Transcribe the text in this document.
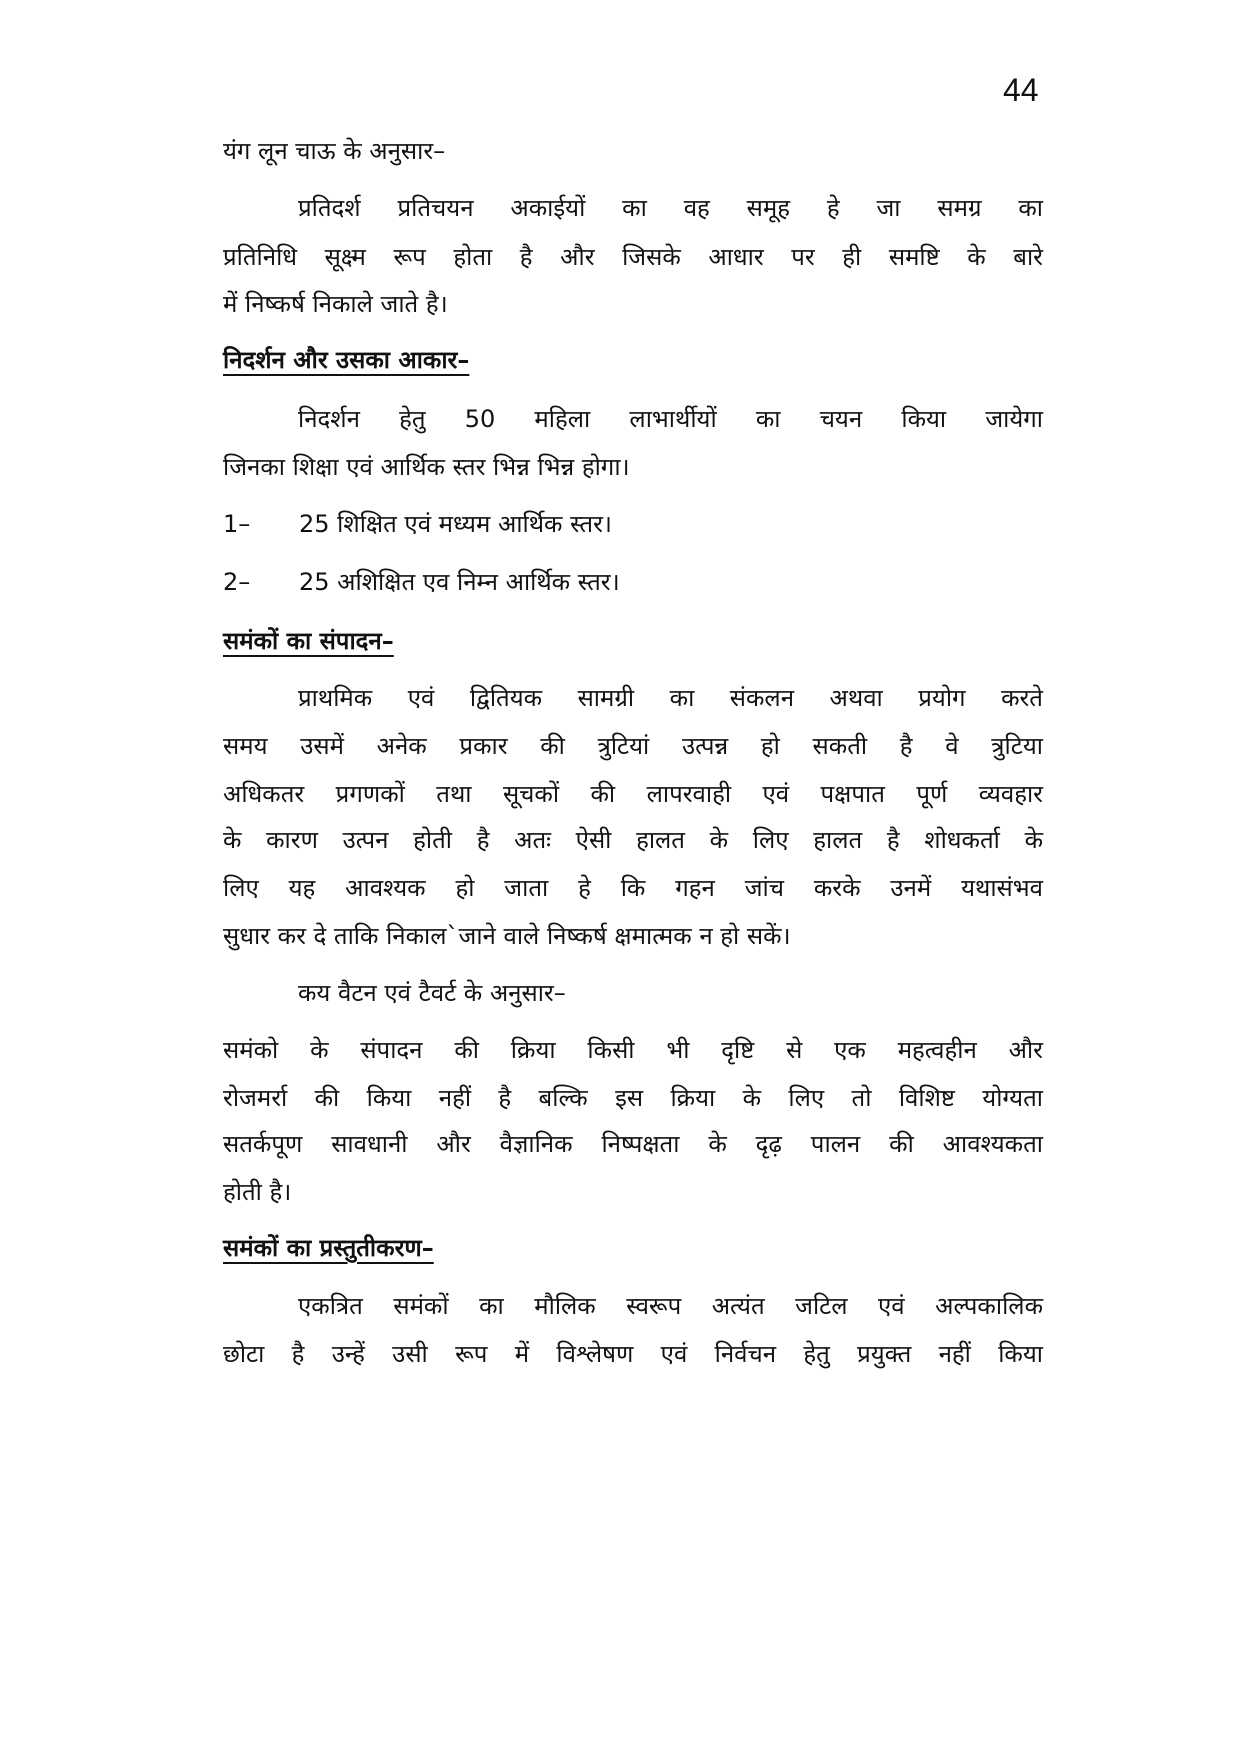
44
यंग लून चाऊ के अनुसार–
प्रतिदर्श प्रतिचयन अकाईयों का वह समूह हे जा समग्र का
प्रतिनिधि सूक्ष्म रूप होता है और जिसके आधार पर ही समष्टि के बारे
में निष्कर्ष निकाले जाते है।
निदर्शन और उसका आकार–
निदर्शन हेतु 50 महिला लाभार्थीयों का चयन किया जायेगा
जिनका शिक्षा एवं आर्थिक स्तर भिन्न भिन्न होगा।
1– 25 शिक्षित एवं मध्यम आर्थिक स्तर।
2– 25 अशिक्षित एव निम्न आर्थिक स्तर।
समंकों का संपादन–
प्राथमिक एवं द्वितियक सामग्री का संकलन अथवा प्रयोग करते
समय उसमें अनेक प्रकार की त्रुटियां उत्पन्न हो सकती है वे त्रुटिया
अधिकतर प्रगणकों तथा सूचकों की लापरवाही एवं पक्षपात पूर्ण व्यवहार
के कारण उत्पन होती है अतः ऐसी हालत के लिए हालत है शोधकर्ता के
लिए यह आवश्यक हो जाता हे कि गहन जांच करके उनमें यथासंभव
सुधार कर दे ताकि निकाल`जाने वाले निष्कर्ष क्षमात्मक न हो सकें।
कय वैटन एवं टैवर्ट के अनुसार–
समंको के संपादन की क्रिया किसी भी दृष्टि से एक महत्वहीन और
रोजमर्रा की किया नहीं है बल्कि इस क्रिया के लिए तो विशिष्ट योग्यता
सतर्कपूण सावधानी और वैज्ञानिक निष्पक्षता के दृढ़ पालन की आवश्यकता
होती है।
समंकों का प्रस्तुतीकरण–
एकत्रित समंकों का मौलिक स्वरूप अत्यंत जटिल एवं अल्पकालिक
छोटा है उन्हें उसी रूप में विश्लेषण एवं निर्वचन हेतु प्रयुक्त नहीं किया
